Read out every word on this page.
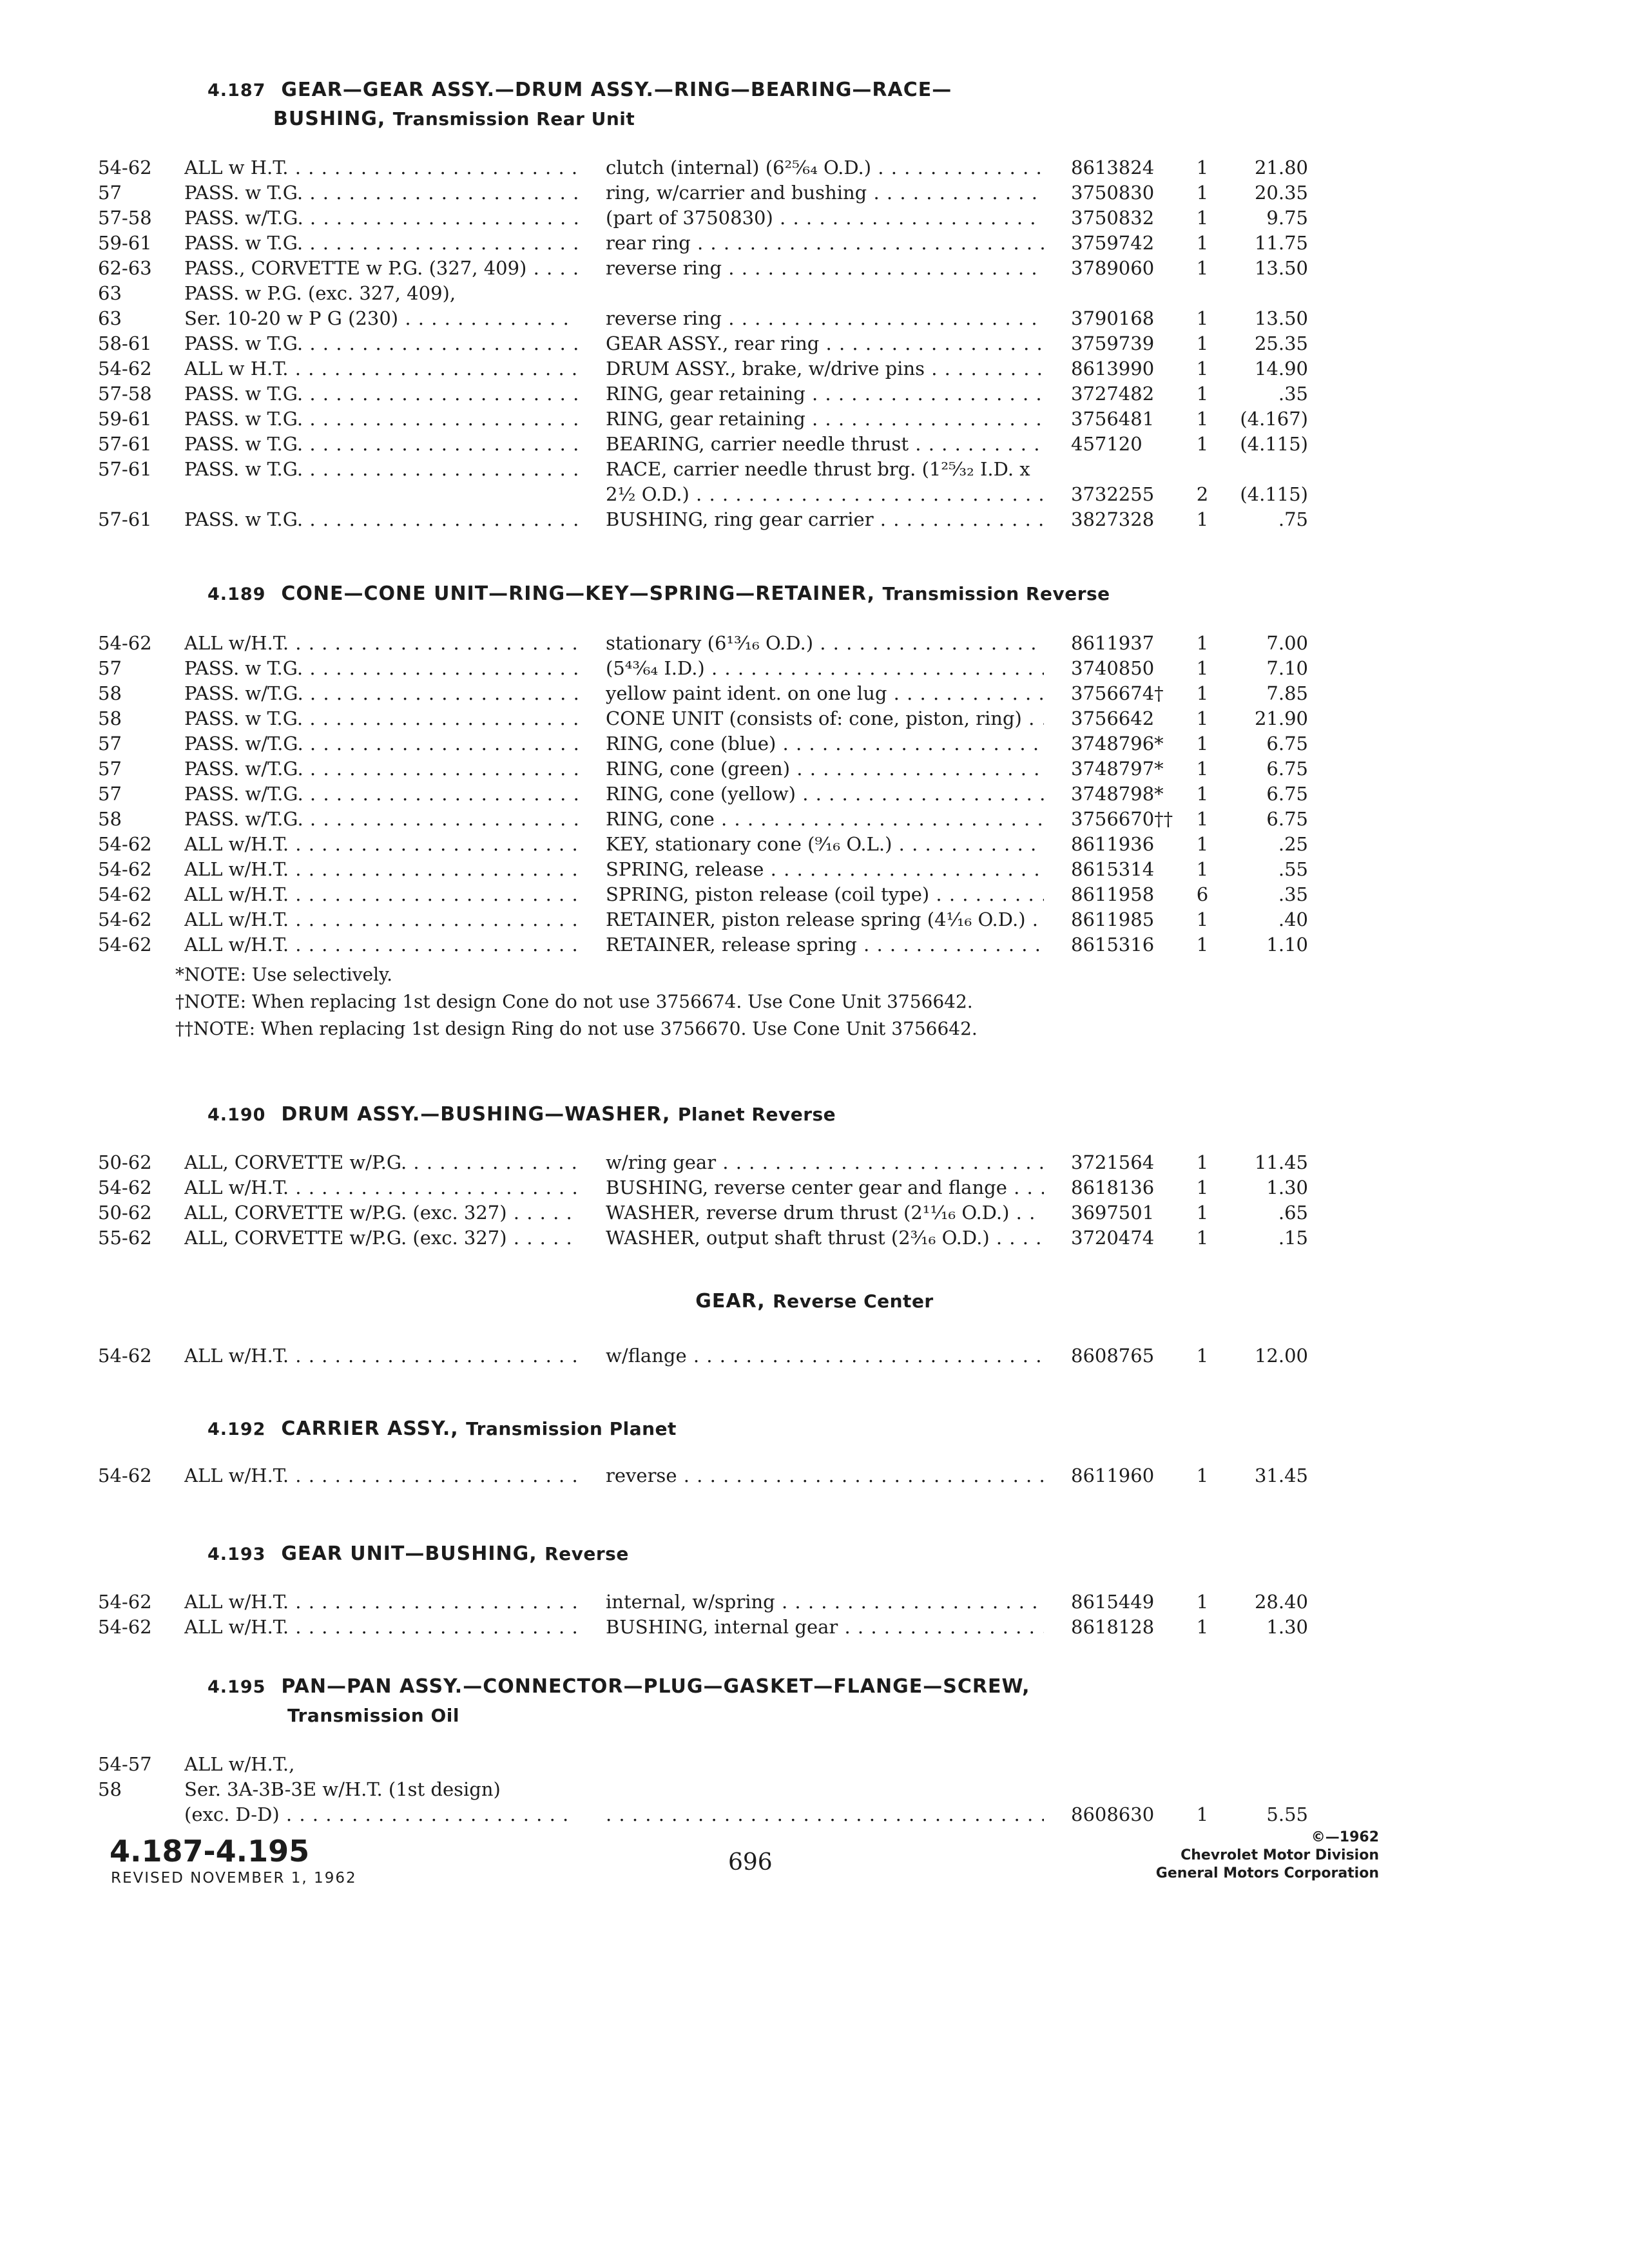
4.187 GEAR—GEAR ASSY.—DRUM ASSY.—RING—BEARING—RACE—
BUSHING, Transmission Rear Unit
54-62 ALL w H.T. . . .	clutch (internal) (6²⁵⁄₆₄ O.D.) . . .	8613824	1	21.80
57	PASS. w T.G. . . .	ring, w/carrier and bushing . . .	3750830	1	20.35
57-58 PASS. w/T.G. . . .	(part of 3750830) . . .	3750832	1	9.75
59-61 PASS. w T.G. . . .	rear ring . . .	3759742	1	11.75
62-63 PASS., CORVETTE w P.G. (327, 409) . . .	reverse ring . . .	3789060	1	13.50
63	PASS. w P.G. (exc. 327, 409),
63	Ser. 10-20 w P G (230) . . .	reverse ring . . .	3790168	1	13.50
58-61 PASS. w T.G. . . .	GEAR ASSY., rear ring . . .	3759739	1	25.35
54-62 ALL w H.T. . . .	DRUM ASSY., brake, w/drive pins . . .	8613990	1	14.90
57-58 PASS. w T.G. . . .	RING, gear retaining . . .	3727482	1	.35
59-61 PASS. w T.G. . . .	RING, gear retaining . . .	3756481	1	(4.167)
57-61 PASS. w T.G. . . .	BEARING, carrier needle thrust . . .	457120	1	(4.115)
57-61 PASS. w T.G. . . .	RACE, carrier needle thrust brg. (1²⁵⁄₃₂ I.D. x
2¹⁄₂ O.D.) . . .	3732255	2	(4.115)
57-61 PASS. w T.G. . . .	BUSHING, ring gear carrier . . .	3827328	1	.75
4.189 CONE—CONE UNIT—RING—KEY—SPRING—RETAINER, Transmission Reverse
54-62 ALL w/H.T. . . .	stationary (6¹³⁄₁₆ O.D.) . . .	8611937	1	7.00
57	PASS. w T.G. . . .	(5⁴³⁄₆₄ I.D.) . . .	3740850	1	7.10
58	PASS. w/T.G. . . .	yellow paint ident. on one lug . . .	3756674†	1	7.85
58	PASS. w T.G. . . .	CONE UNIT (consists of: cone, piston, ring) . . .	3756642	1	21.90
57	PASS. w/T.G. . . .	RING, cone (blue) . . .	3748796*	1	6.75
57	PASS. w/T.G. . . .	RING, cone (green) . . .	3748797*	1	6.75
57	PASS. w/T.G. . . .	RING, cone (yellow) . . .	3748798*	1	6.75
58	PASS. w/T.G. . . .	RING, cone . . .	3756670††	1	6.75
54-62 ALL w/H.T. . . .	KEY, stationary cone (⁹⁄₁₆ O.L.) . . .	8611936	1	.25
54-62 ALL w/H.T. . . .	SPRING, release . . .	8615314	1	.55
54-62 ALL w/H.T. . . .	SPRING, piston release (coil type) . . .	8611958	6	.35
54-62 ALL w/H.T. . . .	RETAINER, piston release spring (4¹⁄₁₆ O.D.) . . .	8611985	1	.40
54-62 ALL w/H.T. . . .	RETAINER, release spring . . .	8615316	1	1.10
*NOTE: Use selectively.
†NOTE: When replacing 1st design Cone do not use 3756674. Use Cone Unit 3756642.
††NOTE: When replacing 1st design Ring do not use 3756670. Use Cone Unit 3756642.
4.190 DRUM ASSY.—BUSHING—WASHER, Planet Reverse
50-62 ALL, CORVETTE w/P.G. . . .	w/ring gear . . .	3721564	1	11.45
54-62 ALL w/H.T. . . .	BUSHING, reverse center gear and flange . . .	8618136	1	1.30
50-62 ALL, CORVETTE w/P.G. (exc. 327) . . .	WASHER, reverse drum thrust (2¹¹⁄₁₆ O.D.) . . .	3697501	1	.65
55-62 ALL, CORVETTE w/P.G. (exc. 327) . . .	WASHER, output shaft thrust (2³⁄₁₆ O.D.) . . .	3720474	1	.15
GEAR, Reverse Center
54-62 ALL w/H.T. . . .	w/flange . . .	8608765	1	12.00
4.192 CARRIER ASSY., Transmission Planet
54-62 ALL w/H.T. . . .	reverse . . .	8611960	1	31.45
4.193 GEAR UNIT—BUSHING, Reverse
54-62 ALL w/H.T. . . .	internal, w/spring . . .	8615449	1	28.40
54-62 ALL w/H.T. . . .	BUSHING, internal gear . . .	8618128	1	1.30
4.195 PAN—PAN ASSY.—CONNECTOR—PLUG—GASKET—FLANGE—SCREW,
Transmission Oil
54-57 ALL w/H.T.,
58	Ser. 3A-3B-3E w/H.T. (1st design)
(exc. D-D) . . .
. . .	8608630	1	5.55
4.187-4.195
REVISED NOVEMBER 1, 1962
696
©—1962
Chevrolet Motor Division
General Motors Corporation
